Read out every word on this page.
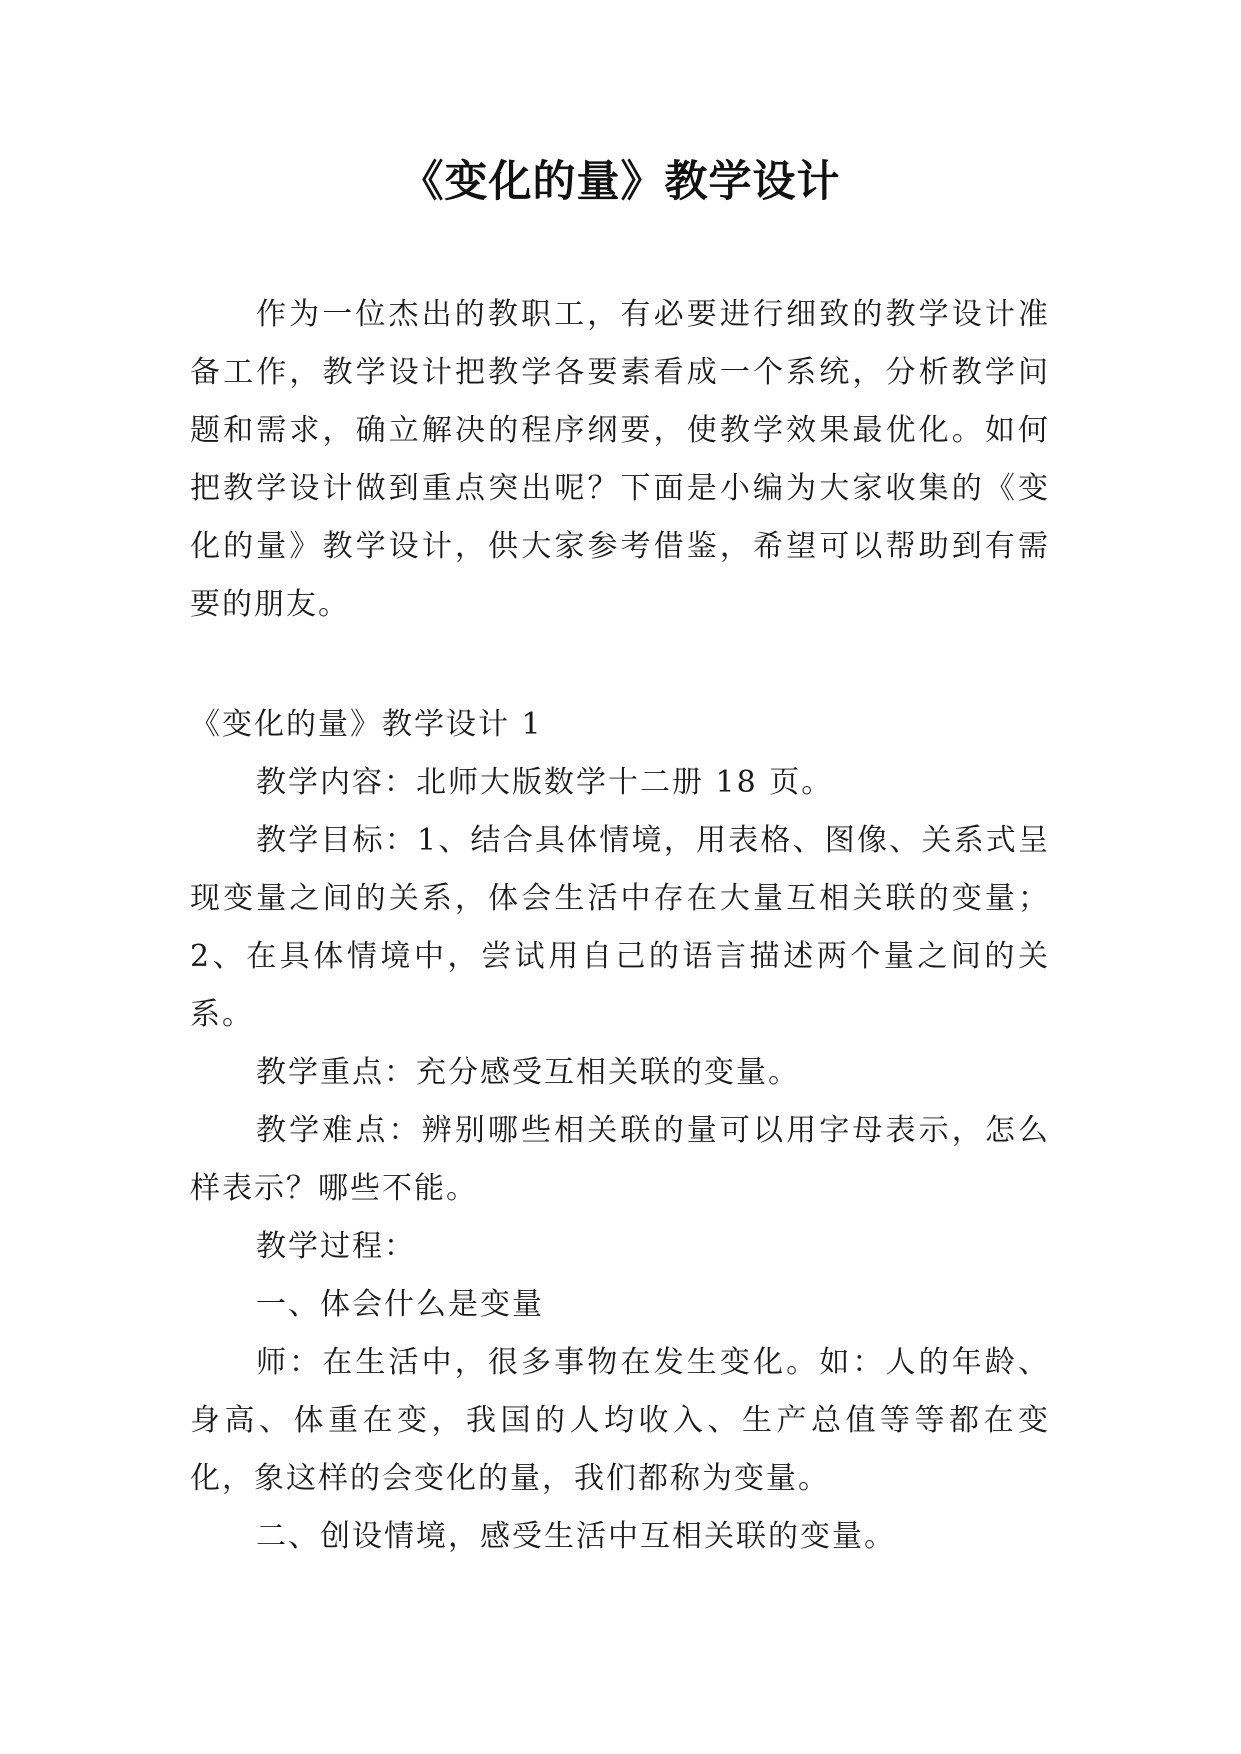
《变化的量》教学设计

作为一位杰出的教职工，有必要进行细致的教学设计准备工作，教学设计把教学各要素看成一个系统，分析教学问题和需求，确立解决的程序纲要，使教学效果最优化。如何把教学设计做到重点突出呢？下面是小编为大家收集的《变化的量》教学设计，供大家参考借鉴，希望可以帮助到有需要的朋友。

《变化的量》教学设计 1

教学内容：北师大版数学十二册 18 页。

教学目标：1、结合具体情境，用表格、图像、关系式呈现变量之间的关系，体会生活中存在大量互相关联的变量；2、在具体情境中，尝试用自己的语言描述两个量之间的关系。

教学重点：充分感受互相关联的变量。

教学难点：辨别哪些相关联的量可以用字母表示，怎么样表示？哪些不能。

教学过程：

一、体会什么是变量

师：在生活中，很多事物在发生变化。如：人的年龄、身高、体重在变，我国的人均收入、生产总值等等都在变化，象这样的会变化的量，我们都称为变量。

二、创设情境，感受生活中互相关联的变量。
